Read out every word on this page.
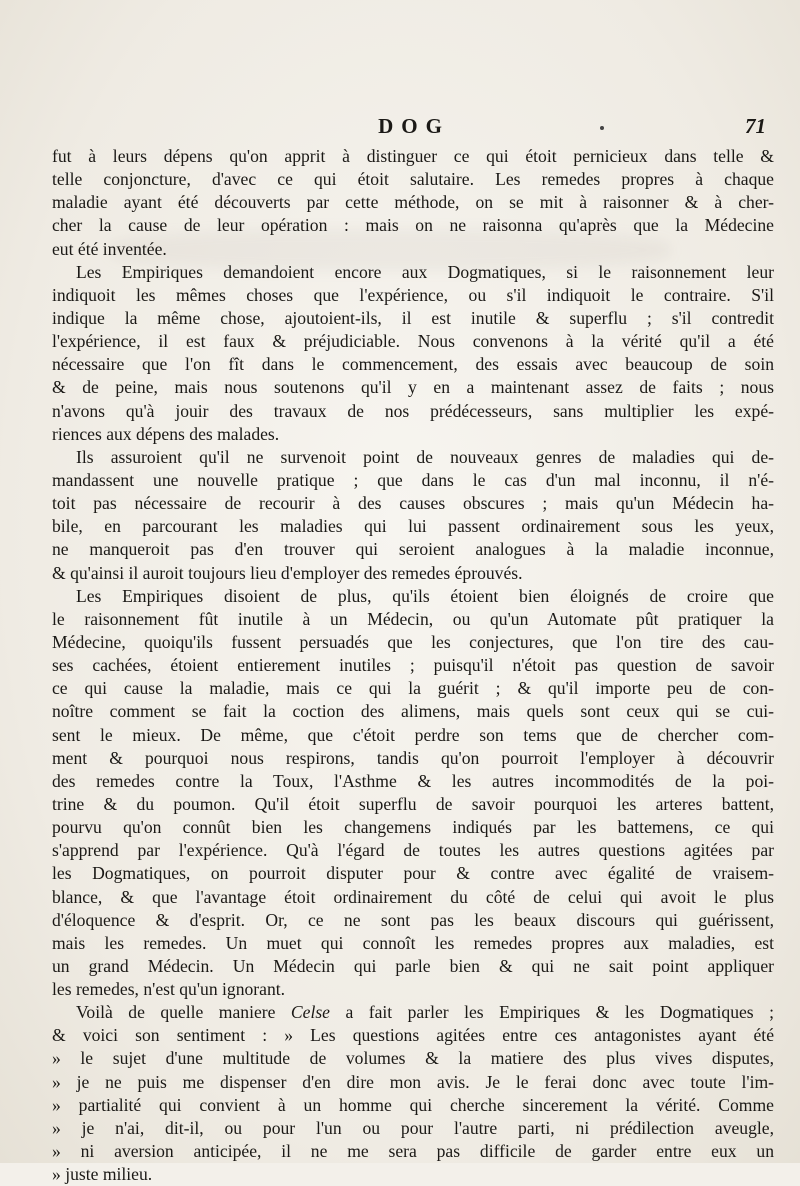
DOG	71
fut à leurs dépens qu'on apprit à distinguer ce qui étoit pernicieux dans telle &
telle conjoncture, d'avec ce qui étoit salutaire. Les remedes propres à chaque
maladie ayant été découverts par cette méthode, on se mit à raisonner & à cher-
cher la cause de leur opération : mais on ne raisonna qu'après que la Médecine
eut été inventée.
Les Empiriques demandoient encore aux Dogmatiques, si le raisonnement leur
indiquoit les mêmes choses que l'expérience, ou s'il indiquoit le contraire. S'il
indique la même chose, ajoutoient-ils, il est inutile & superflu ; s'il contredit
l'expérience, il est faux & préjudiciable. Nous convenons à la vérité qu'il a été
nécessaire que l'on fît dans le commencement, des essais avec beaucoup de soin
& de peine, mais nous soutenons qu'il y en a maintenant assez de faits ; nous
n'avons qu'à jouir des travaux de nos prédécesseurs, sans multiplier les expé-
riences aux dépens des malades.
Ils assuroient qu'il ne survenoit point de nouveaux genres de maladies qui de-
mandassent une nouvelle pratique ; que dans le cas d'un mal inconnu, il n'é-
toit pas nécessaire de recourir à des causes obscures ; mais qu'un Médecin ha-
bile, en parcourant les maladies qui lui passent ordinairement sous les yeux,
ne manqueroit pas d'en trouver qui seroient analogues à la maladie inconnue,
& qu'ainsi il auroit toujours lieu d'employer des remedes éprouvés.
Les Empiriques disoient de plus, qu'ils étoient bien éloignés de croire que
le raisonnement fût inutile à un Médecin, ou qu'un Automate pût pratiquer la
Médecine, quoiqu'ils fussent persuadés que les conjectures, que l'on tire des cau-
ses cachées, étoient entierement inutiles ; puisqu'il n'étoit pas question de savoir
ce qui cause la maladie, mais ce qui la guérit ; & qu'il importe peu de con-
noître comment se fait la coction des alimens, mais quels sont ceux qui se cui-
sent le mieux. De même, que c'étoit perdre son tems que de chercher com-
ment & pourquoi nous respirons, tandis qu'on pourroit l'employer à découvrir
des remedes contre la Toux, l'Asthme & les autres incommodités de la poi-
trine & du poumon. Qu'il étoit superflu de savoir pourquoi les arteres battent,
pourvu qu'on connût bien les changemens indiqués par les battemens, ce qui
s'apprend par l'expérience. Qu'à l'égard de toutes les autres questions agitées par
les Dogmatiques, on pourroit disputer pour & contre avec égalité de vraisem-
blance, & que l'avantage étoit ordinairement du côté de celui qui avoit le plus
d'éloquence & d'esprit. Or, ce ne sont pas les beaux discours qui guérissent,
mais les remedes. Un muet qui connoît les remedes propres aux maladies, est
un grand Médecin. Un Médecin qui parle bien & qui ne sait point appliquer
les remedes, n'est qu'un ignorant.
Voilà de quelle maniere Celse a fait parler les Empiriques & les Dogmatiques ;
& voici son sentiment : » Les questions agitées entre ces antagonistes ayant été
» le sujet d'une multitude de volumes & la matiere des plus vives disputes,
» je ne puis me dispenser d'en dire mon avis. Je le ferai donc avec toute l'im-
» partialité qui convient à un homme qui cherche sincerement la vérité. Comme
» je n'ai, dit-il, ou pour l'un ou pour l'autre parti, ni prédilection aveugle,
» ni aversion anticipée, il ne me sera pas difficile de garder entre eux un
» juste milieu.
